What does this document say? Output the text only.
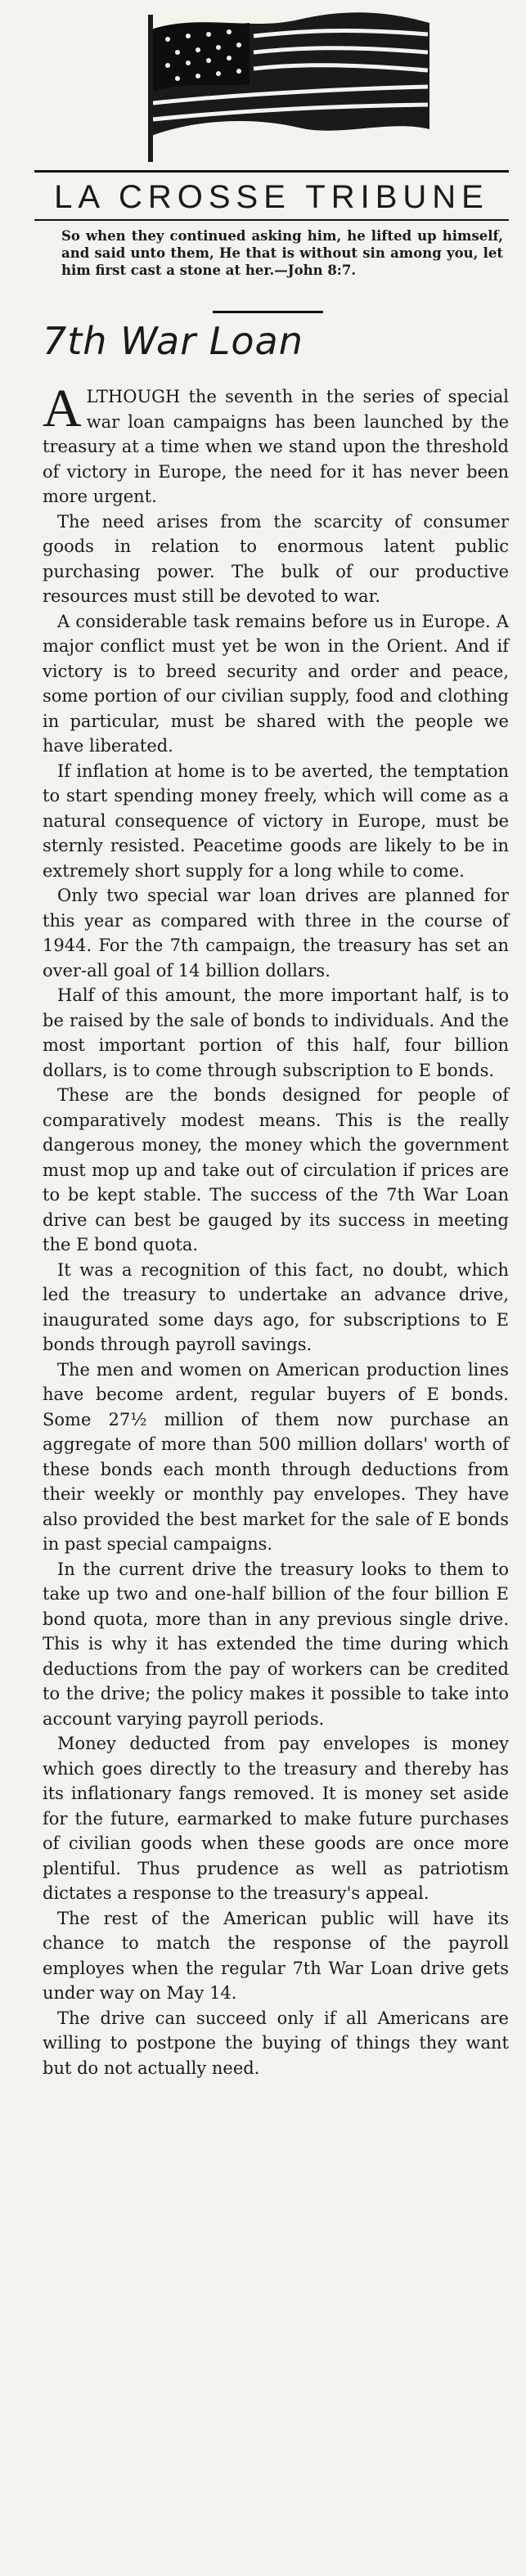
LA CROSSE TRIBUNE
So when they continued asking him, he lifted up himself, and said unto them, He that is without sin among you, let him first cast a stone at her.—John 8:7.
7th War Loan

ALTHOUGH the seventh in the series of special war loan campaigns has been launched by the treasury at a time when we stand upon the threshold of victory in Europe, the need for it has never been more urgent.

The need arises from the scarcity of consumer goods in relation to enormous latent public purchasing power. The bulk of our productive resources must still be devoted to war.

A considerable task remains before us in Europe. A major conflict must yet be won in the Orient. And if victory is to breed security and order and peace, some portion of our civilian supply, food and clothing in particular, must be shared with the people we have liberated.

If inflation at home is to be averted, the temptation to start spending money freely, which will come as a natural consequence of victory in Europe, must be sternly resisted. Peacetime goods are likely to be in extremely short supply for a long while to come.

Only two special war loan drives are planned for this year as compared with three in the course of 1944. For the 7th campaign, the treasury has set an over-all goal of 14 billion dollars.

Half of this amount, the more important half, is to be raised by the sale of bonds to individuals. And the most important portion of this half, four billion dollars, is to come through subscription to E bonds.

These are the bonds designed for people of comparatively modest means. This is the really dangerous money, the money which the government must mop up and take out of circulation if prices are to be kept stable. The success of the 7th War Loan drive can best be gauged by its success in meeting the E bond quota.

It was a recognition of this fact, no doubt, which led the treasury to undertake an advance drive, inaugurated some days ago, for subscriptions to E bonds through payroll savings.

The men and women on American production lines have become ardent, regular buyers of E bonds. Some 27½ million of them now purchase an aggregate of more than 500 million dollars' worth of these bonds each month through deductions from their weekly or monthly pay envelopes. They have also provided the best market for the sale of E bonds in past special campaigns.

In the current drive the treasury looks to them to take up two and one-half billion of the four billion E bond quota, more than in any previous single drive. This is why it has extended the time during which deductions from the pay of workers can be credited to the drive; the policy makes it possible to take into account varying payroll periods.

Money deducted from pay envelopes is money which goes directly to the treasury and thereby has its inflationary fangs removed. It is money set aside for the future, earmarked to make future purchases of civilian goods when these goods are once more plentiful. Thus prudence as well as patriotism dictates a response to the treasury's appeal.

The rest of the American public will have its chance to match the response of the payroll employes when the regular 7th War Loan drive gets under way on May 14.

The drive can succeed only if all Americans are willing to postpone the buying of things they want but do not actually need.
